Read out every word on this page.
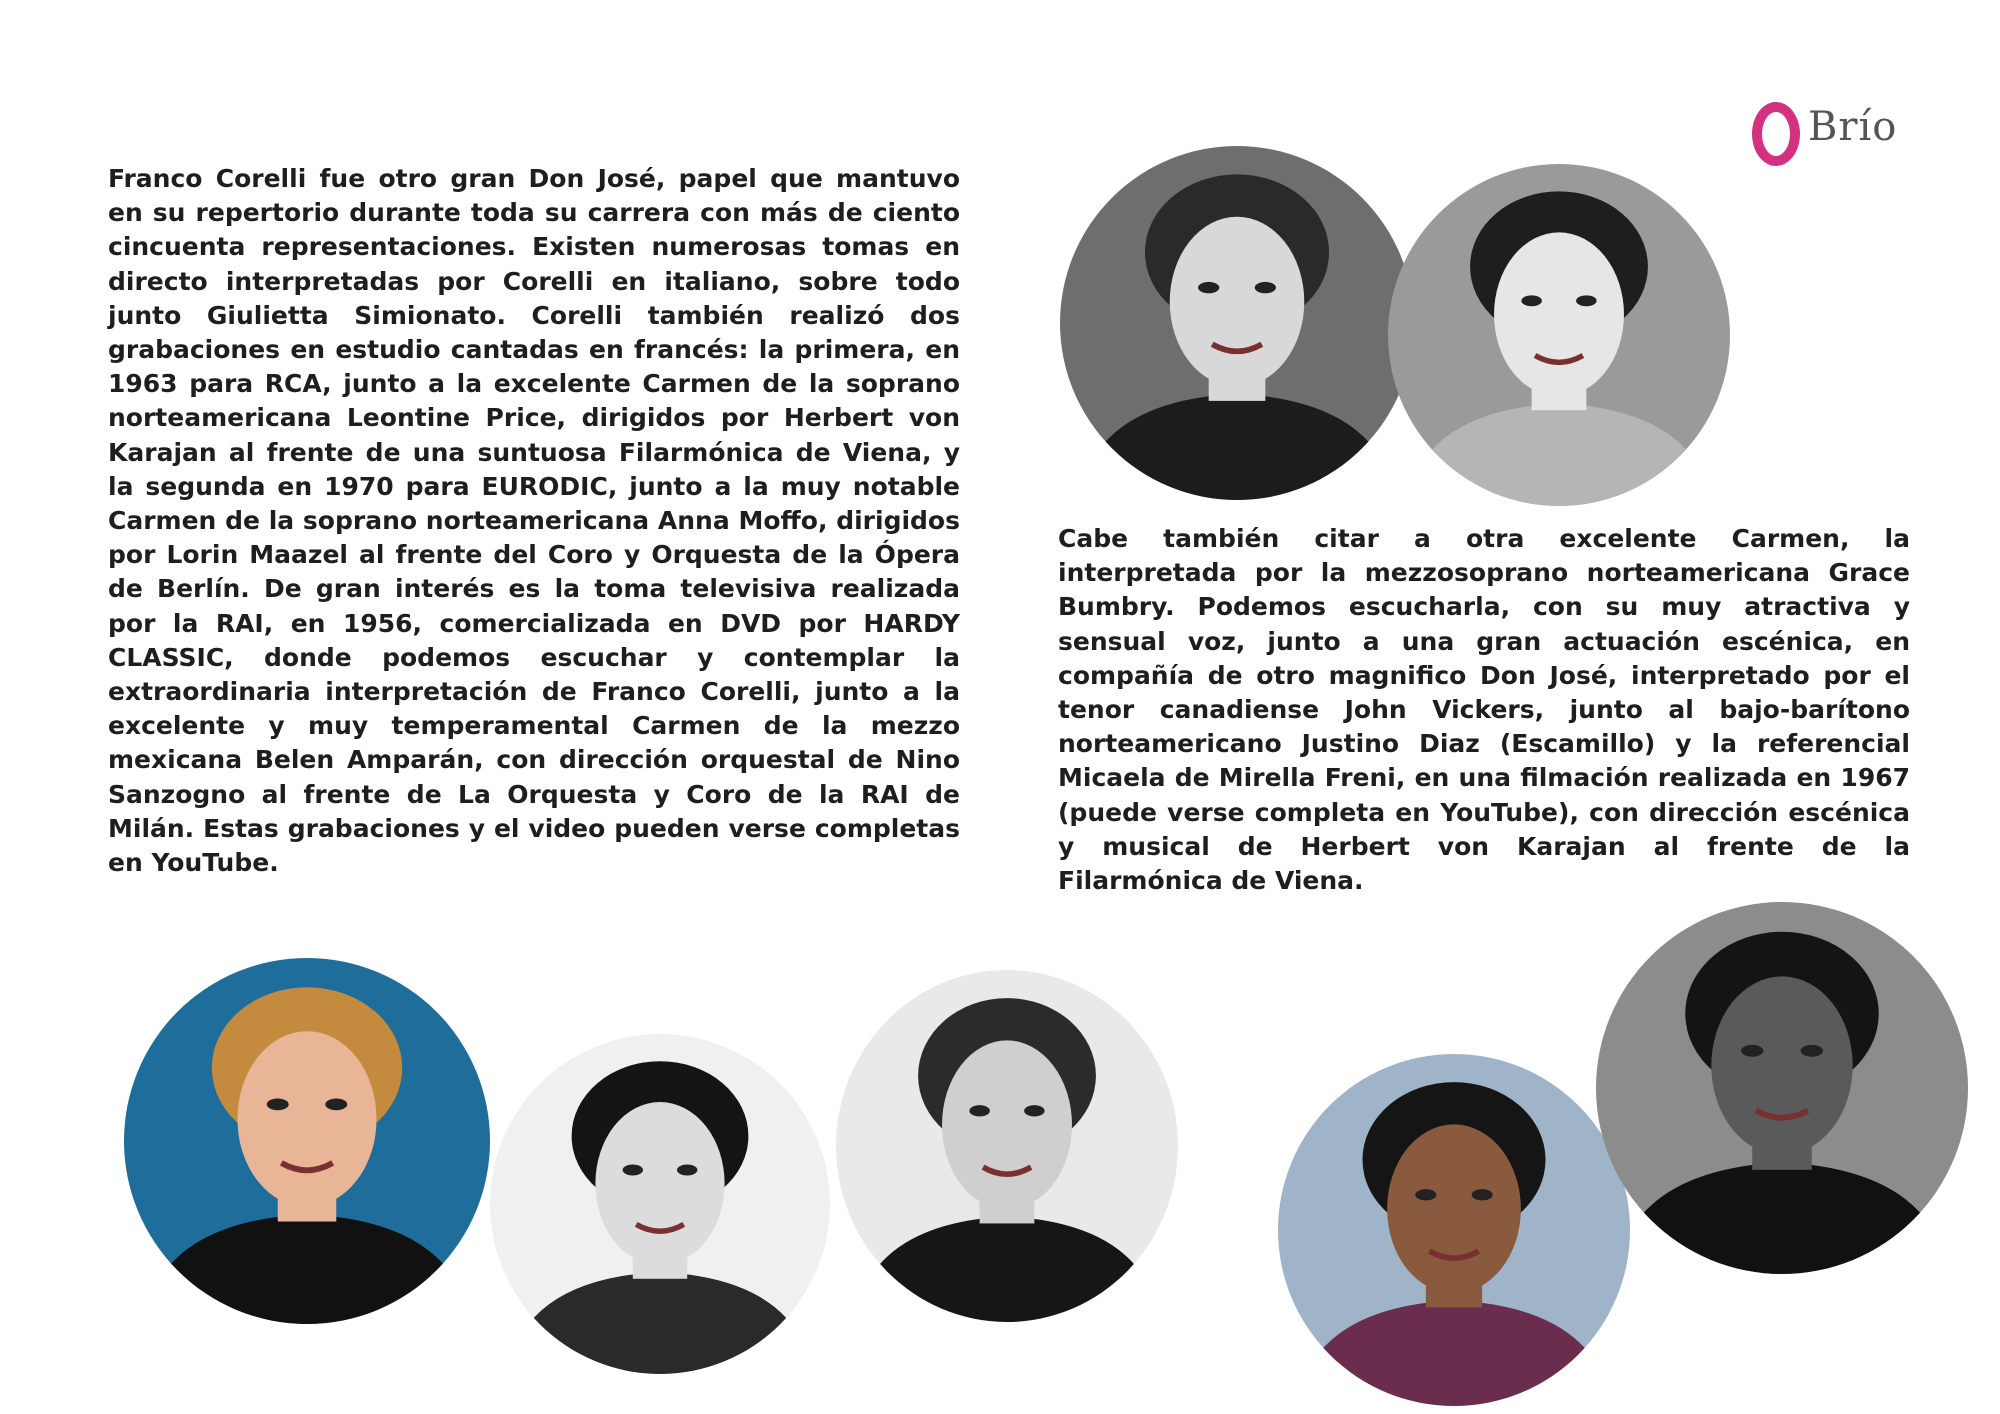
Brío

Franco Corelli fue otro gran Don José, papel que mantuvo en su repertorio durante toda su carrera con más de ciento cincuenta representaciones. Existen numerosas tomas en directo interpretadas por Corelli en italiano, sobre todo junto Giulietta Simionato. Corelli también realizó dos grabaciones en estudio cantadas en francés: la primera, en 1963 para RCA, junto a la excelente Carmen de la soprano norteamericana Leontine Price, dirigidos por Herbert von Karajan al frente de una suntuosa Filarmónica de Viena, y la segunda en 1970 para EURODIC, junto a la muy notable Carmen de la soprano norteamericana Anna Moffo, dirigidos por Lorin Maazel al frente del Coro y Orquesta de la Ópera de Berlín. De gran interés es la toma televisiva realizada por la RAI, en 1956, comercializada en DVD por HARDY CLASSIC, donde podemos escuchar y contemplar la extraordinaria interpretación de Franco Corelli, junto a la excelente y muy temperamental Carmen de la mezzo mexicana Belen Amparán, con dirección orquestal de Nino Sanzogno al frente de La Orquesta y Coro de la RAI de Milán. Estas grabaciones y el video pueden verse completas en YouTube.

Cabe también citar a otra excelente Carmen, la interpretada por la mezzosoprano norteamericana Grace Bumbry. Podemos escucharla, con su muy atractiva y sensual voz, junto a una gran actuación escénica, en compañía de otro magnifico Don José, interpretado por el tenor canadiense John Vickers, junto al bajo-barítono norteamericano Justino Diaz (Escamillo) y la referencial Micaela de Mirella Freni, en una filmación realizada en 1967 (puede verse completa en YouTube), con dirección escénica y musical de Herbert von Karajan al frente de la Filarmónica de Viena.
